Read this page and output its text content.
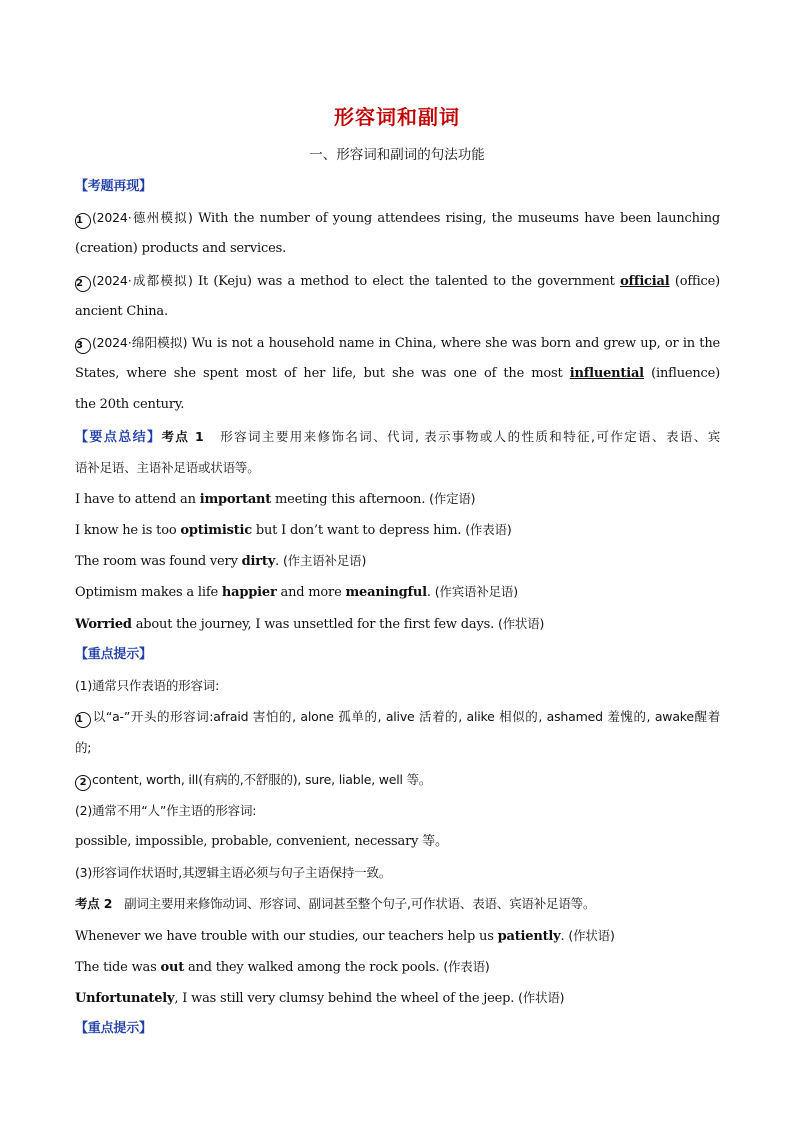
形容词和副词
一、形容词和副词的句法功能
【考题再现】
1 (2024·德州模拟) With the number of young attendees rising, the museums have been launching
(creation) products and services.
2 (2024·成都模拟) It (Keju) was a method to elect the talented to the government official (office)
ancient China.
3 (2024·绵阳模拟) Wu is not a household name in China, where she was born and grew up, or in the
States, where she spent most of her life, but she was one of the most influential (influence)
the 20th century.
【要点总结】考点 1 形容词主要用来修饰名词、代词, 表示事物或人的性质和特征,可作定语、表语、宾
语补足语、主语补足语或状语等。
I have to attend an important meeting this afternoon. (作定语)
I know he is too optimistic but I don’t want to depress him. (作表语)
The room was found very dirty. (作主语补足语)
Optimism makes a life happier and more meaningful. (作宾语补足语)
Worried about the journey, I was unsettled for the first few days. (作状语)
【重点提示】
(1)通常只作表语的形容词:
1 以“a-”开头的形容词:afraid 害怕的, alone 孤单的, alive 活着的, alike 相似的, ashamed 羞愧的, awake醒着
的;
2 content, worth, ill(有病的,不舒服的), sure, liable, well 等。
(2)通常不用“人”作主语的形容词:
possible, impossible, probable, convenient, necessary 等。
(3)形容词作状语时,其逻辑主语必须与句子主语保持一致。
考点 2 副词主要用来修饰动词、形容词、副词甚至整个句子,可作状语、表语、宾语补足语等。
Whenever we have trouble with our studies, our teachers help us patiently. (作状语)
The tide was out and they walked among the rock pools. (作表语)
Unfortunately, I was still very clumsy behind the wheel of the jeep. (作状语)
【重点提示】
